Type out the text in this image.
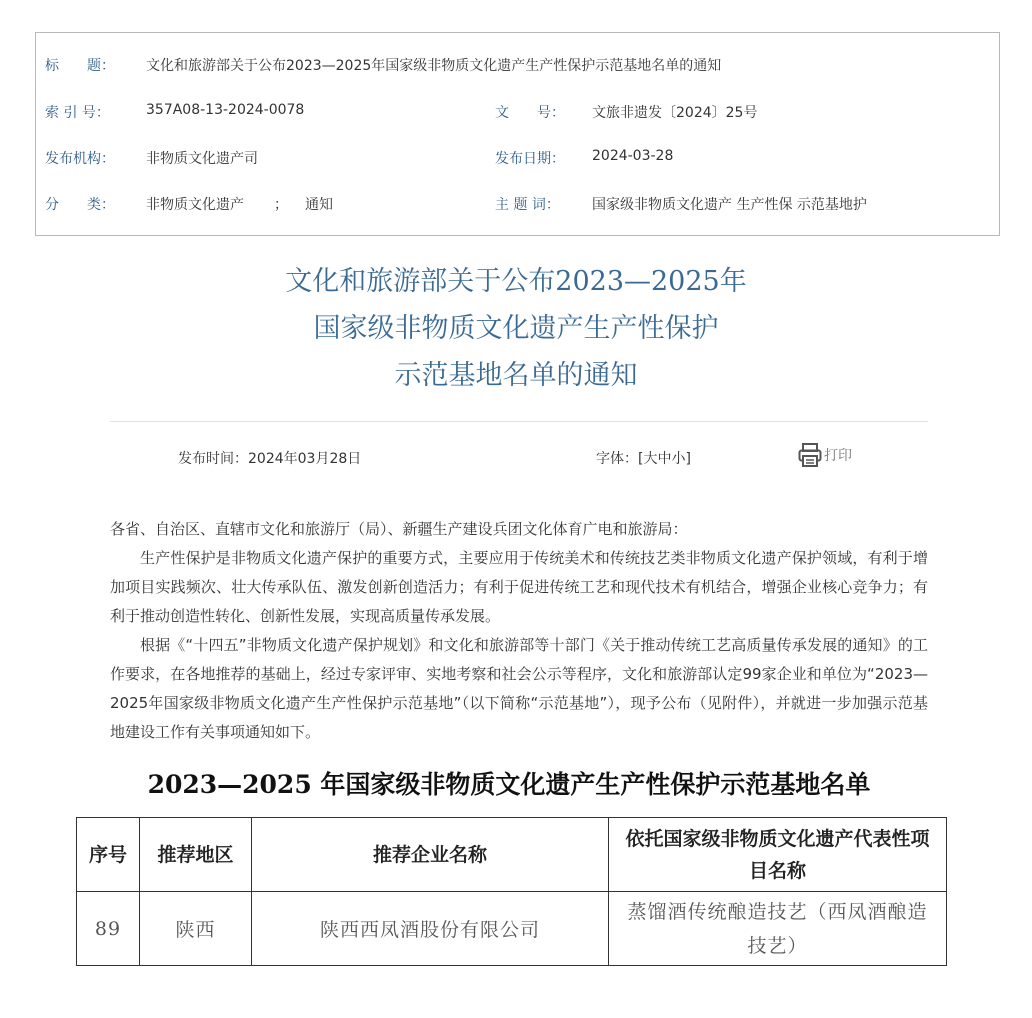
标　　题： 文化和旅游部关于公布2023—2025年国家级非物质文化遗产生产性保护示范基地名单的通知
索 引 号：	357A08-13-2024-0078	文　　号： 文旅非遗发〔2024〕25号
发布机构： 非物质文化遗产司	发布日期： 2024-03-28
分　　类： 非物质文化遗产 ； 通知	主 题 词： 国家级非物质文化遗产 生产性保 示范基地护
文化和旅游部关于公布2023—2025年
国家级非物质文化遗产生产性保护
示范基地名单的通知
发布时间：2024年03月28日	字体：[大中小]	打印

各省、自治区、直辖市文化和旅游厅（局）、新疆生产建设兵团文化体育广电和旅游局：

生产性保护是非物质文化遗产保护的重要方式，主要应用于传统美术和传统技艺类非物质文化遗产保护领域，有利于增加项目实践频次、壮大传承队伍、激发创新创造活力；有利于促进传统工艺和现代技术有机结合，增强企业核心竞争力；有利于推动创造性转化、创新性发展，实现高质量传承发展。

根据《“十四五”非物质文化遗产保护规划》和文化和旅游部等十部门《关于推动传统工艺高质量传承发展的通知》的工作要求，在各地推荐的基础上，经过专家评审、实地考察和社会公示等程序，文化和旅游部认定99家企业和单位为“2023—2025年国家级非物质文化遗产生产性保护示范基地”（以下简称“示范基地”），现予公布（见附件），并就进一步加强示范基地建设工作有关事项通知如下。

2023—2025 年国家级非物质文化遗产生产性保护示范基地名单
序号	推荐地区	推荐企业名称	依托国家级非物质文化遗产代表性项目名称

89	陕西	陕西西凤酒股份有限公司	蒸馏酒传统酿造技艺（西凤酒酿造技艺）
